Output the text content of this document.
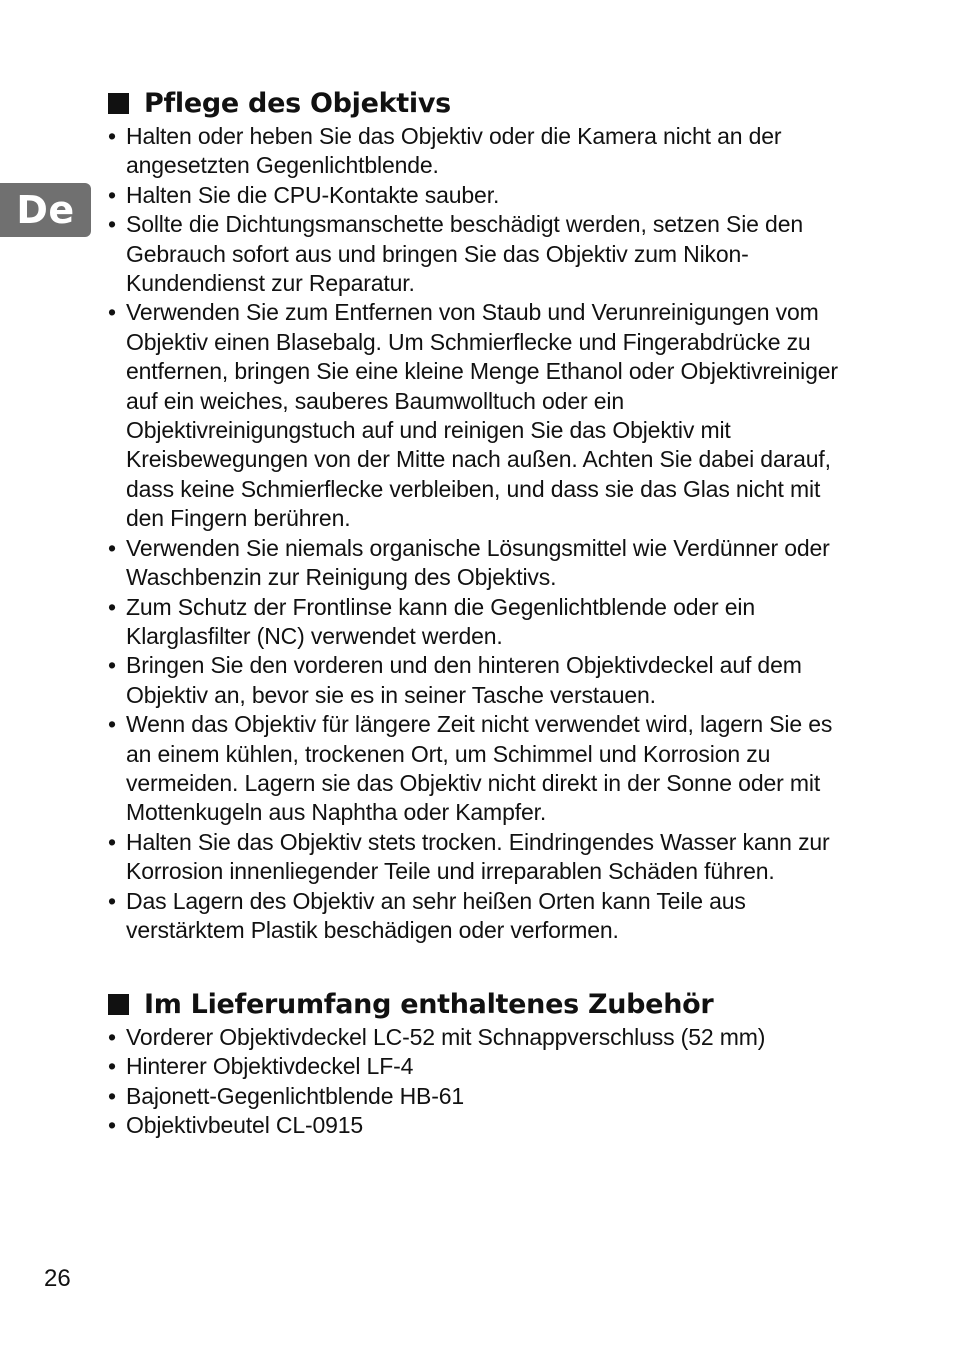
De
Pflege des Objektivs
• Halten oder heben Sie das Objektiv oder die Kamera nicht an der angesetzten Gegenlichtblende.
• Halten Sie die CPU-Kontakte sauber.
• Sollte die Dichtungsmanschette beschädigt werden, setzen Sie den Gebrauch sofort aus und bringen Sie das Objektiv zum Nikon-Kundendienst zur Reparatur.
• Verwenden Sie zum Entfernen von Staub und Verunreinigungen vom Objektiv einen Blasebalg. Um Schmierflecke und Fingerabdrücke zu entfernen, bringen Sie eine kleine Menge Ethanol oder Objektivreiniger auf ein weiches, sauberes Baumwolltuch oder ein Objektivreinigungstuch auf und reinigen Sie das Objektiv mit Kreisbewegungen von der Mitte nach außen. Achten Sie dabei darauf, dass keine Schmierflecke verbleiben, und dass sie das Glas nicht mit den Fingern berühren.
• Verwenden Sie niemals organische Lösungsmittel wie Verdünner oder Waschbenzin zur Reinigung des Objektivs.
• Zum Schutz der Frontlinse kann die Gegenlichtblende oder ein Klarglasfilter (NC) verwendet werden.
• Bringen Sie den vorderen und den hinteren Objektivdeckel auf dem Objektiv an, bevor sie es in seiner Tasche verstauen.
• Wenn das Objektiv für längere Zeit nicht verwendet wird, lagern Sie es an einem kühlen, trockenen Ort, um Schimmel und Korrosion zu vermeiden. Lagern sie das Objektiv nicht direkt in der Sonne oder mit Mottenkugeln aus Naphtha oder Kampfer.
• Halten Sie das Objektiv stets trocken. Eindringendes Wasser kann zur Korrosion innenliegender Teile und irreparablen Schäden führen.
• Das Lagern des Objektiv an sehr heißen Orten kann Teile aus verstärktem Plastik beschädigen oder verformen.
Im Lieferumfang enthaltenes Zubehör
• Vorderer Objektivdeckel LC-52 mit Schnappverschluss (52 mm)
• Hinterer Objektivdeckel LF-4
• Bajonett-Gegenlichtblende HB-61
• Objektivbeutel CL-0915
26
